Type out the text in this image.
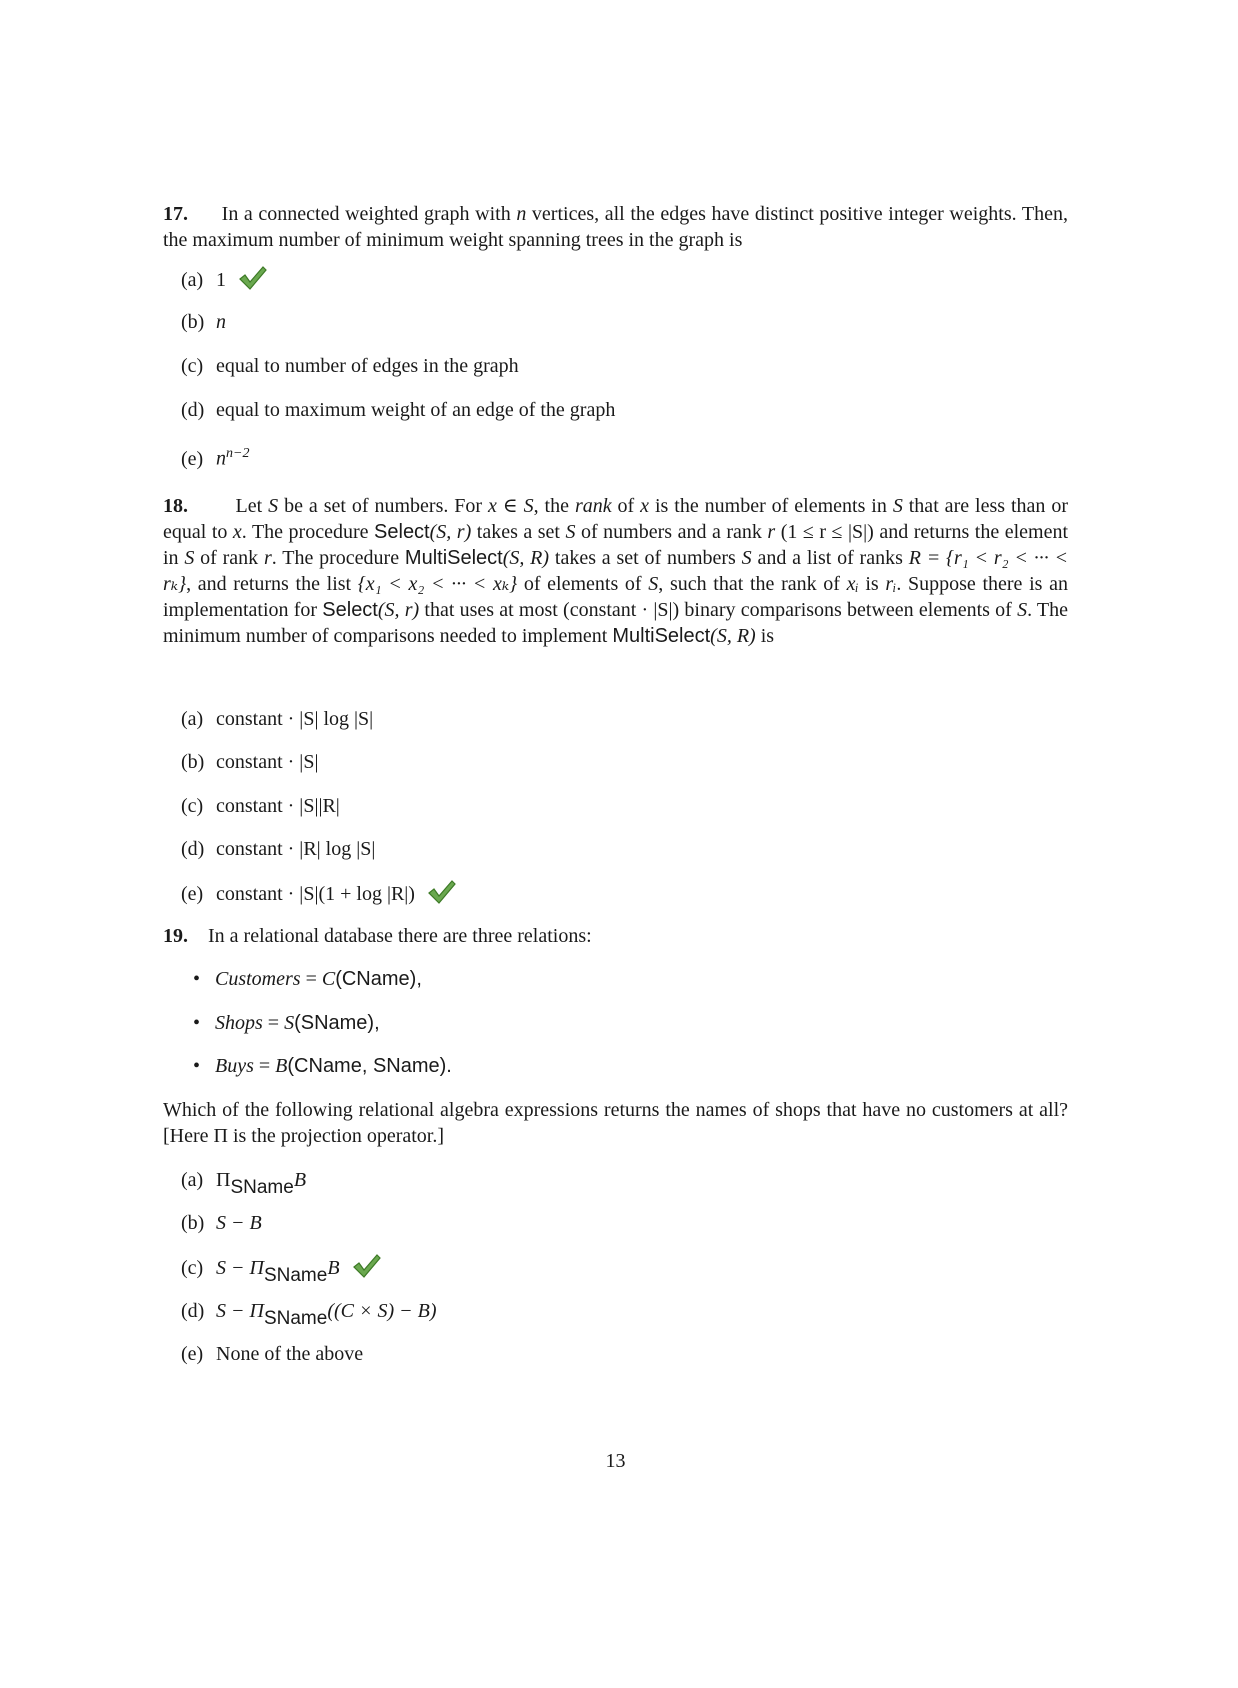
17. In a connected weighted graph with n vertices, all the edges have distinct positive integer weights. Then, the maximum number of minimum weight spanning trees in the graph is
(a) 1
(b) n
(c) equal to number of edges in the graph
(d) equal to maximum weight of an edge of the graph
(e) $n^{n-2}$
18. Let S be a set of numbers. For x ∈ S, the rank of x is the number of elements in S that are less than or equal to x. The procedure Select(S, r) takes a set S of numbers and a rank r (1 ≤ r ≤ |S|) and returns the element in S of rank r. The procedure MultiSelect(S, R) takes a set of numbers S and a list of ranks R = {r₁ < r₂ < ··· < rₖ}, and returns the list {x₁ < x₂ < ··· < xₖ} of elements of S, such that the rank of xᵢ is rᵢ. Suppose there is an implementation for Select(S, r) that uses at most (constant · |S|) binary comparisons between elements of S. The minimum number of comparisons needed to implement MultiSelect(S, R) is
(a) constant · |S| log |S|
(b) constant · |S|
(c) constant · |S||R|
(d) constant · |R| log |S|
(e) constant · |S|(1 + log |R|)
19. In a relational database there are three relations:
• Customers = C(CName),
• Shops = S(SName),
• Buys = B(CName, SName).
Which of the following relational algebra expressions returns the names of shops that have no customers at all? [Here Π is the projection operator.]
(a) ΠSNameB
(b) S − B
(c) S − ΠSNameB
(d) S − ΠSName((C × S) − B)
(e) None of the above
13
